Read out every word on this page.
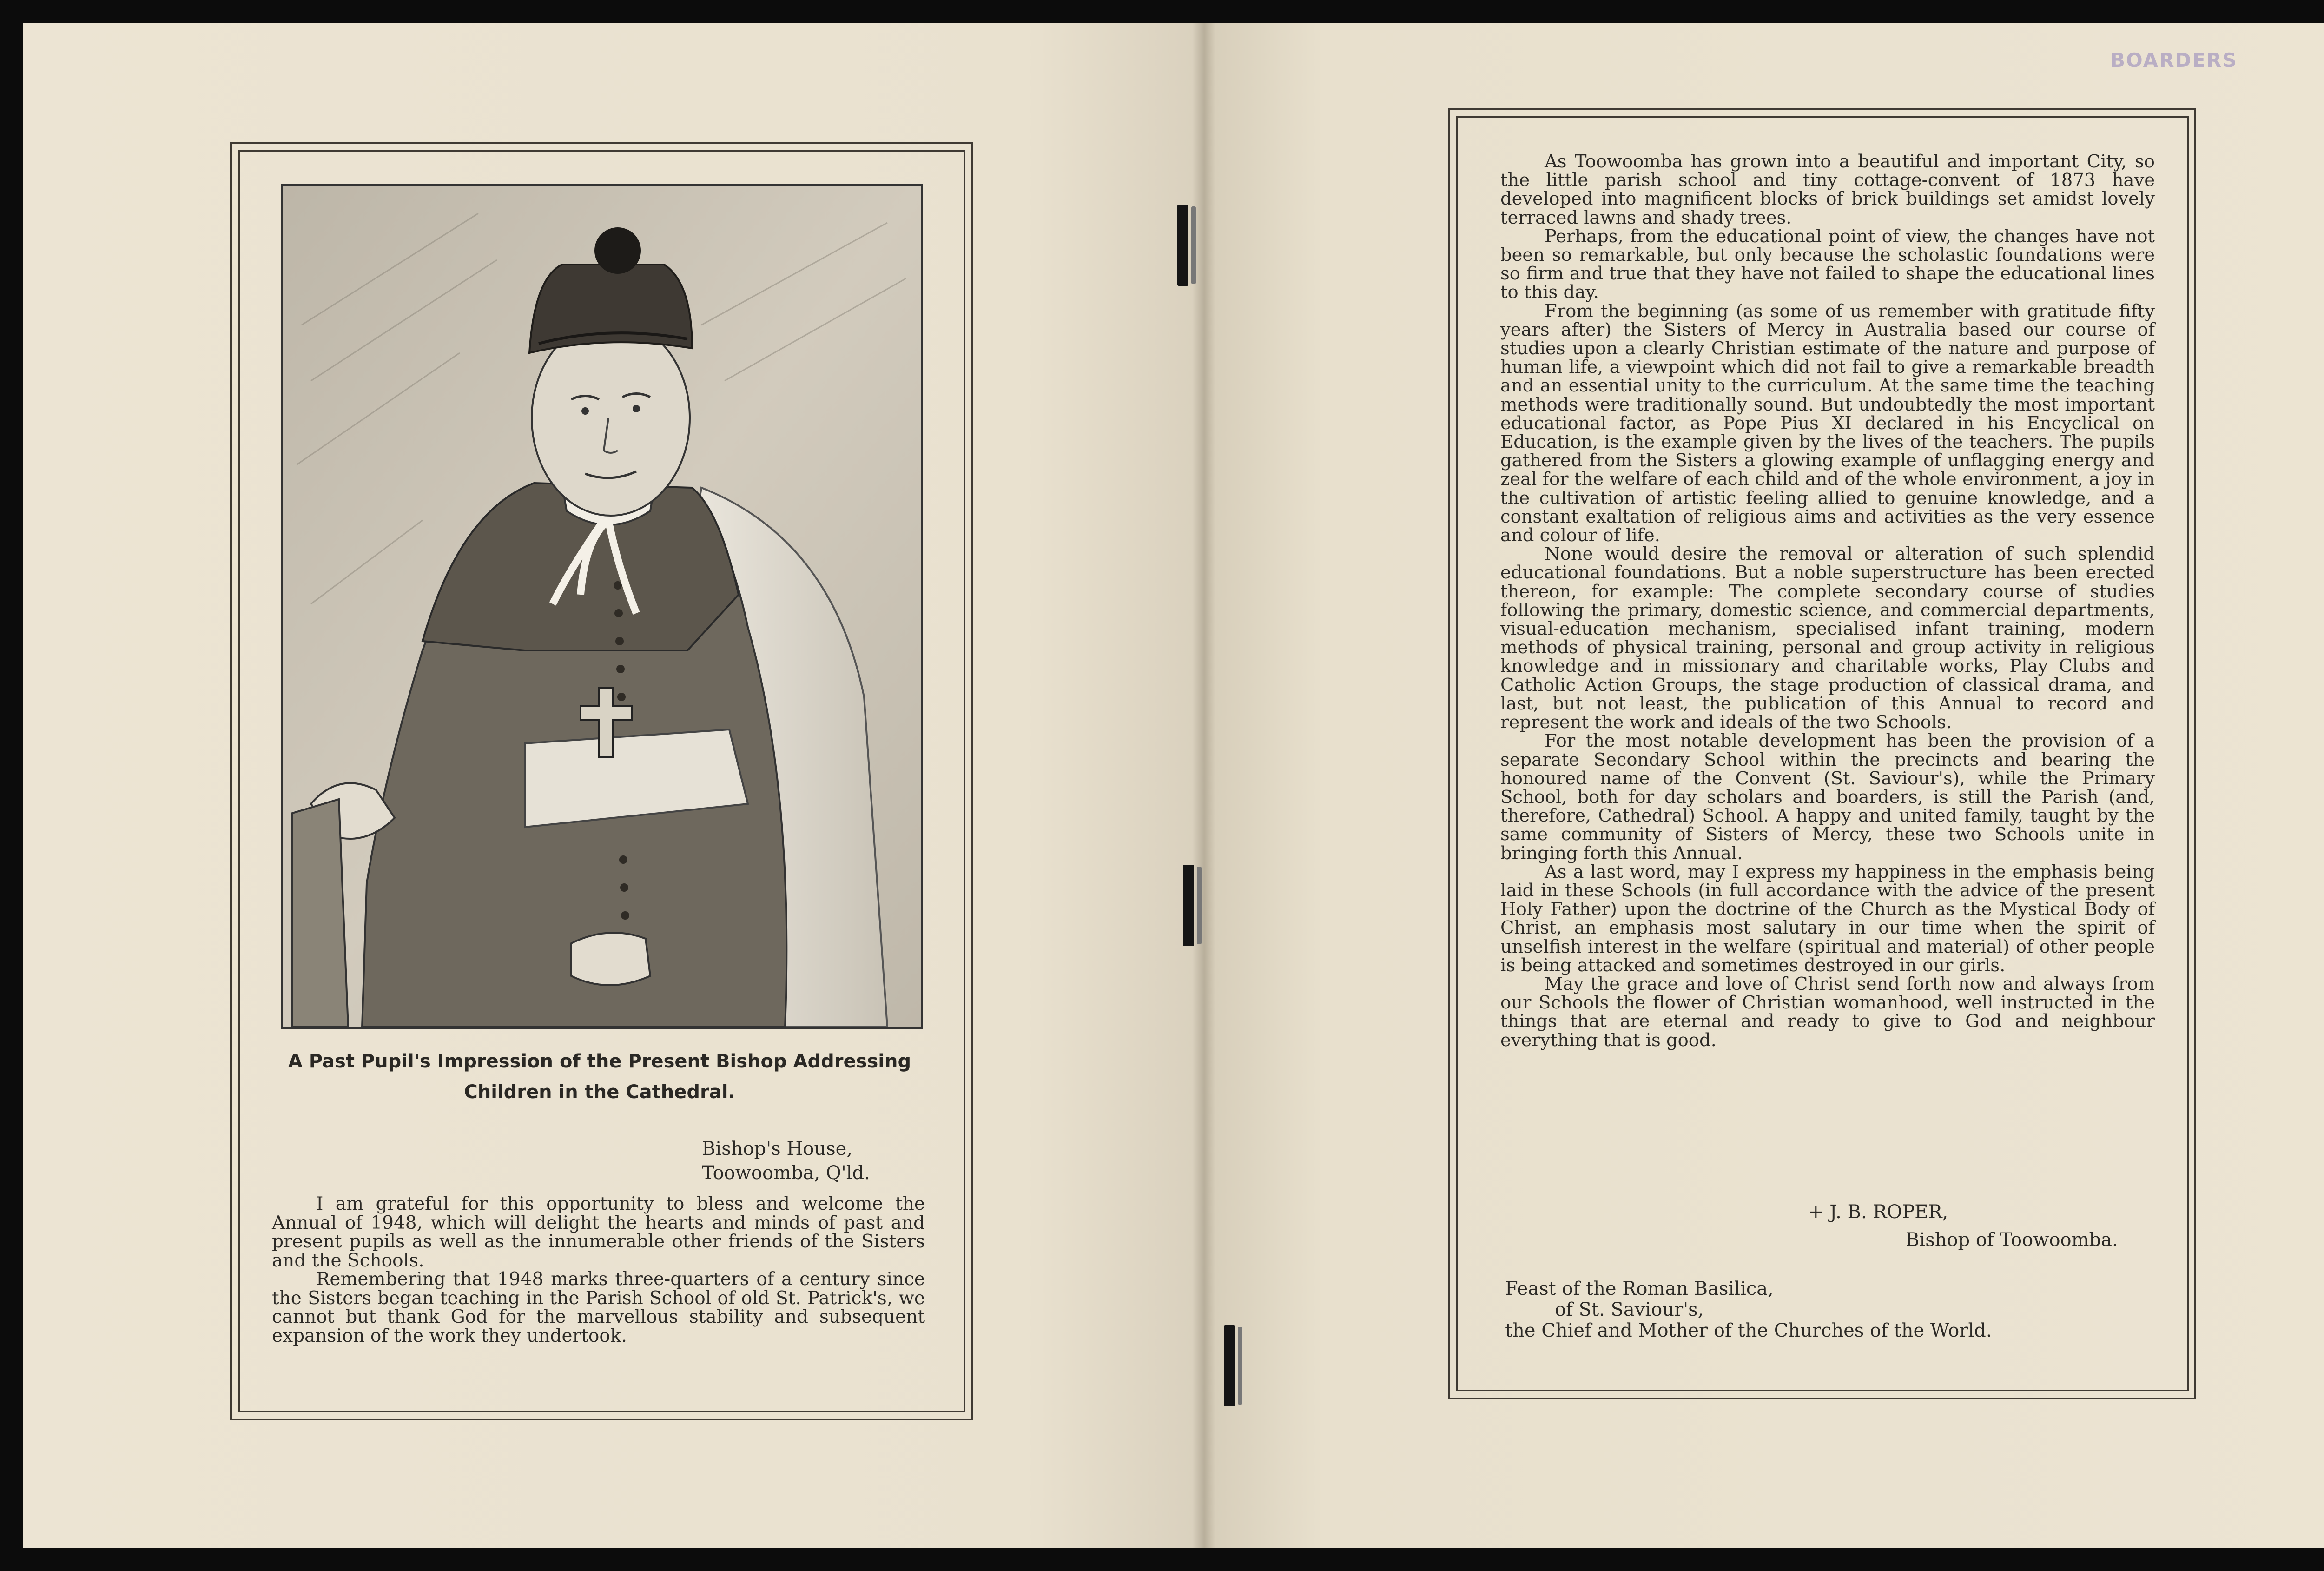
A Past Pupil's Impression of the Present Bishop Addressing
Children in the Cathedral.
Bishop's House,
Toowoomba, Q'ld.

I am grateful for this opportunity to bless and welcome the Annual of 1948, which will delight the hearts and minds of past and present pupils as well as the innumerable other friends of the Sisters and the Schools.

Remembering that 1948 marks three-quarters of a century since the Sisters began teaching in the Parish School of old St. Patrick's, we cannot but thank God for the marvellous stability and subsequent expansion of the work they undertook.

BOARDERS

As Toowoomba has grown into a beautiful and important City, so the little parish school and tiny cottage-convent of 1873 have developed into magnificent blocks of brick buildings set amidst lovely terraced lawns and shady trees.

Perhaps, from the educational point of view, the changes have not been so remarkable, but only because the scholastic foundations were so firm and true that they have not failed to shape the educational lines to this day.

From the beginning (as some of us remember with gratitude fifty years after) the Sisters of Mercy in Australia based our course of studies upon a clearly Christian estimate of the nature and purpose of human life, a viewpoint which did not fail to give a remarkable breadth and an essential unity to the curriculum. At the same time the teaching methods were traditionally sound. But undoubtedly the most important educational factor, as Pope Pius XI declared in his Encyclical on Education, is the example given by the lives of the teachers. The pupils gathered from the Sisters a glowing example of unflagging energy and zeal for the welfare of each child and of the whole environment, a joy in the cultivation of artistic feeling allied to genuine knowledge, and a constant exaltation of religious aims and activities as the very essence and colour of life.

None would desire the removal or alteration of such splendid educational foundations. But a noble superstructure has been erected thereon, for example: The complete secondary course of studies following the primary, domestic science, and commercial departments, visual-education mechanism, specialised infant training, modern methods of physical training, personal and group activity in religious knowledge and in missionary and charitable works, Play Clubs and Catholic Action Groups, the stage production of classical drama, and last, but not least, the publication of this Annual to record and represent the work and ideals of the two Schools.

For the most notable development has been the provision of a separate Secondary School within the precincts and bearing the honoured name of the Convent (St. Saviour's), while the Primary School, both for day scholars and boarders, is still the Parish (and, therefore, Cathedral) School. A happy and united family, taught by the same community of Sisters of Mercy, these two Schools unite in bringing forth this Annual.

As a last word, may I express my happiness in the emphasis being laid in these Schools (in full accordance with the advice of the present Holy Father) upon the doctrine of the Church as the Mystical Body of Christ, an emphasis most salutary in our time when the spirit of unselfish interest in the welfare (spiritual and material) of other people is being attacked and sometimes destroyed in our girls.

May the grace and love of Christ send forth now and always from our Schools the flower of Christian womanhood, well instructed in the things that are eternal and ready to give to God and neighbour everything that is good.

+ J. B. ROPER,
Bishop of Toowoomba.
Feast of the Roman Basilica,
of St. Saviour's,
the Chief and Mother of the Churches of the World.
